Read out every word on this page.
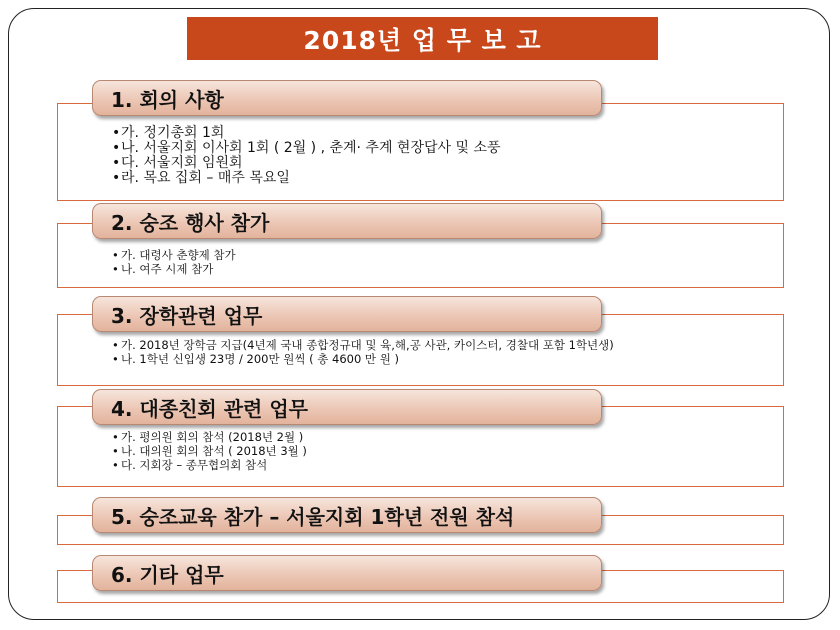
2018년 업 무 보 고
1. 회의 사항
• 가. 정기총회 1회
• 나. 서울지회 이사회 1회 ( 2월 ) , 춘계· 추계 현장답사 및 소풍
• 다. 서울지회 임원회
• 라. 목요 집회 – 매주 목요일
2. 숭조 행사 참가
• 가. 대령사 춘향제 참가
• 나. 여주 시제 참가
3. 장학관련 업무
• 가. 2018년 장학금 지급(4년제 국내 종합정규대 및 육,해,공 사관, 카이스터, 경찰대 포함 1학년생)
• 나. 1학년 신입생 23명 / 200만 원씩 ( 총 4600 만 원 )
4. 대종친회 관련 업무
• 가. 평의원 회의 참석 (2018년 2월 )
• 나. 대의원 회의 참석 ( 2018년 3월 )
• 다. 지회장 – 종무협의회 참석
5. 숭조교육 참가 – 서울지회 1학년 전원 참석
6. 기타 업무
